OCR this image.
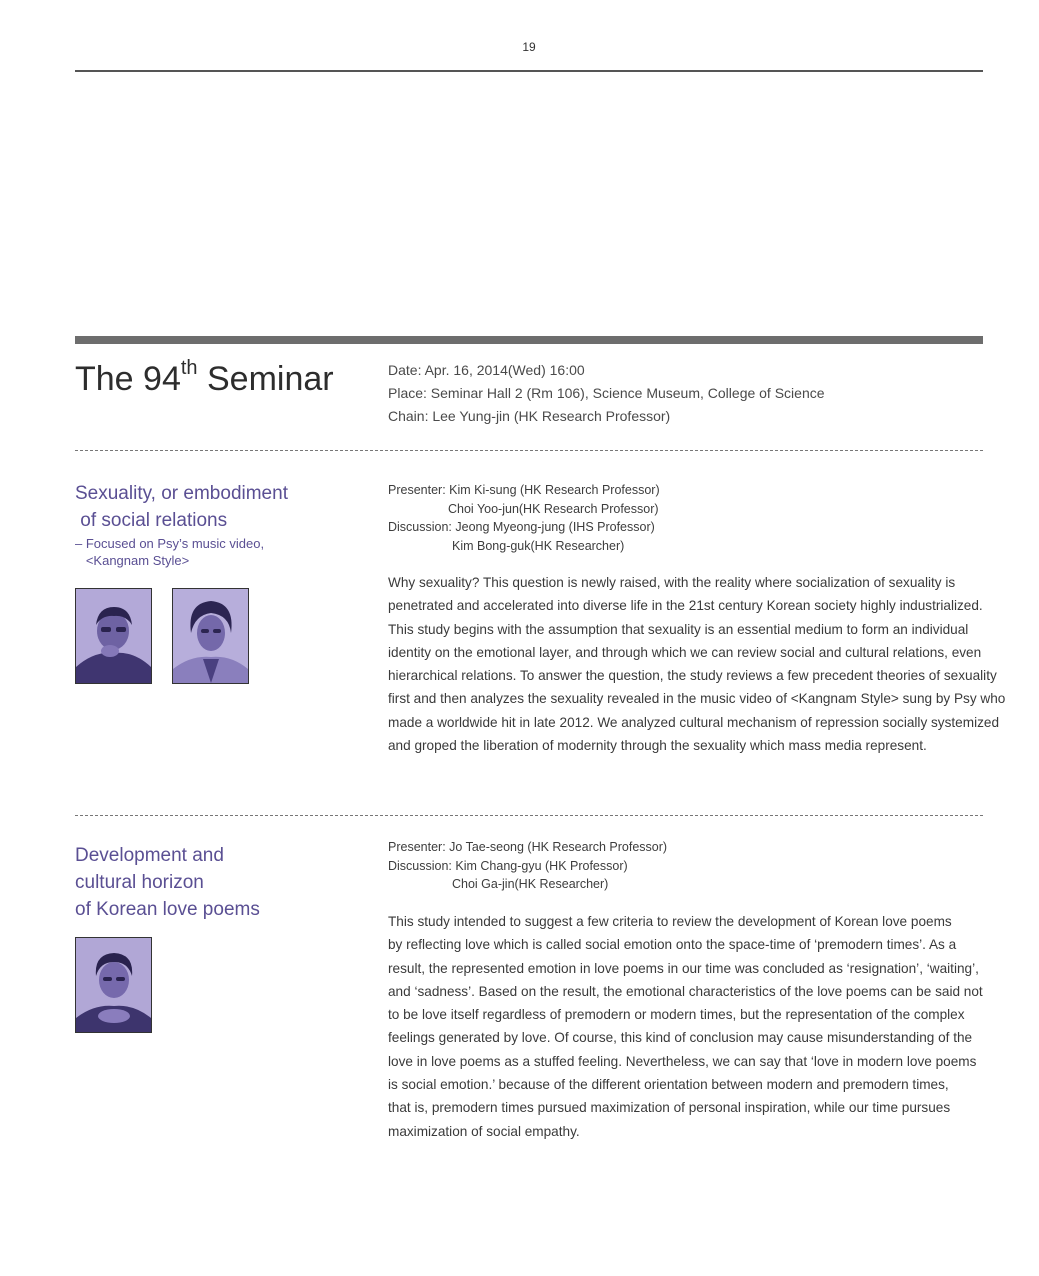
19
The 94th Seminar	Date: Apr. 16, 2014(Wed) 16:00
Place: Seminar Hall 2 (Rm 106), Science Museum, College of Science
Chain: Lee Yung-jin (HK Research Professor)
Sexuality, or embodiment
of social relations
– Focused on Psy’s music video,
<Kangnam Style>
Presenter: Kim Ki-sung (HK Research Professor)
Choi Yoo-jun(HK Research Professor)
Discussion: Jeong Myeong-jung (IHS Professor)
Kim Bong-guk(HK Researcher)
Why sexuality? This question is newly raised, with the reality where socialization of sexuality is
penetrated and accelerated into diverse life in the 21st century Korean society highly industrialized.
This study begins with the assumption that sexuality is an essential medium to form an individual
identity on the emotional layer, and through which we can review social and cultural relations, even
hierarchical relations. To answer the question, the study reviews a few precedent theories of sexuality
first and then analyzes the sexuality revealed in the music video of <Kangnam Style> sung by Psy who
made a worldwide hit in late 2012. We analyzed cultural mechanism of repression socially systemized
and groped the liberation of modernity through the sexuality which mass media represent.
Development and
cultural horizon
of Korean love poems
Presenter: Jo Tae-seong (HK Research Professor)
Discussion: Kim Chang-gyu (HK Professor)
Choi Ga-jin(HK Researcher)
This study intended to suggest a few criteria to review the development of Korean love poems
by reflecting love which is called social emotion onto the space-time of ‘premodern times’. As a
result, the represented emotion in love poems in our time was concluded as ‘resignation’, ‘waiting’,
and ‘sadness’. Based on the result, the emotional characteristics of the love poems can be said not
to be love itself regardless of premodern or modern times, but the representation of the complex
feelings generated by love. Of course, this kind of conclusion may cause misunderstanding of the
love in love poems as a stuffed feeling. Nevertheless, we can say that ‘love in modern love poems
is social emotion.’ because of the different orientation between modern and premodern times,
that is, premodern times pursued maximization of personal inspiration, while our time pursues
maximization of social empathy.
